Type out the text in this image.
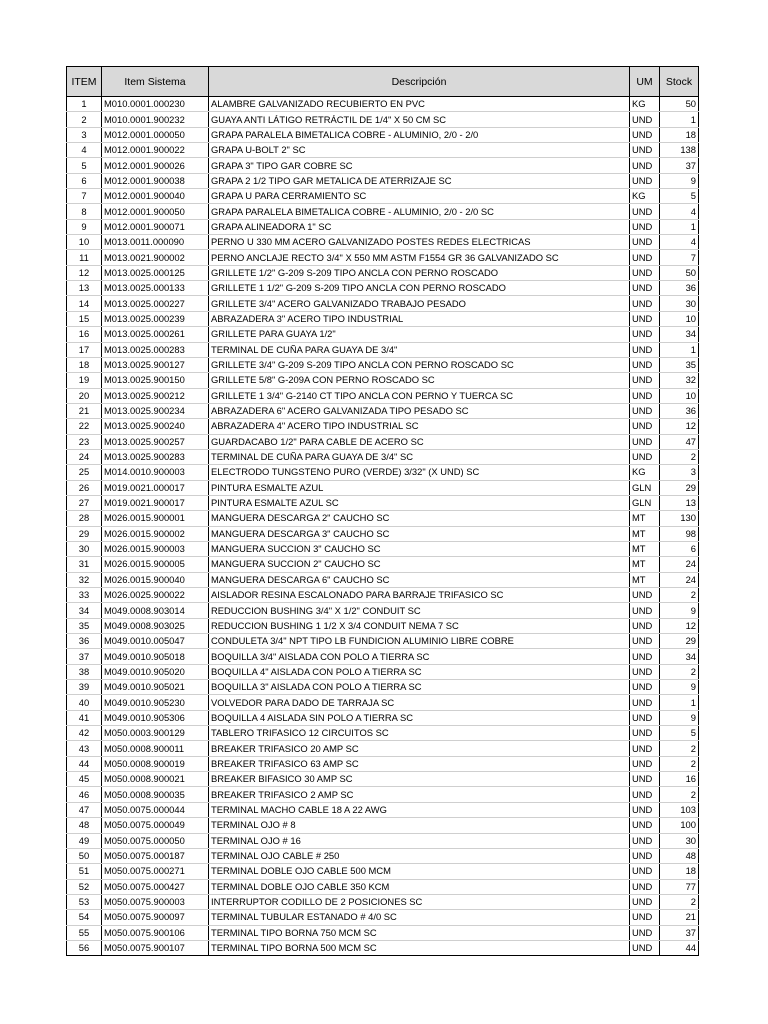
ITEM	Item Sistema	Descripción	UM	Stock
1	M010.0001.000230	ALAMBRE GALVANIZADO RECUBIERTO EN PVC	KG	50
2	M010.0001.900232	GUAYA ANTI LÁTIGO RETRÁCTIL DE 1/4" X 50 CM SC	UND	1
3	M012.0001.000050	GRAPA PARALELA BIMETALICA COBRE - ALUMINIO, 2/0 - 2/0	UND	18
4	M012.0001.900022	GRAPA U-BOLT 2" SC	UND	138
5	M012.0001.900026	GRAPA 3" TIPO GAR COBRE SC	UND	37
6	M012.0001.900038	GRAPA 2 1/2 TIPO GAR METALICA DE ATERRIZAJE SC	UND	9
7	M012.0001.900040	GRAPA U PARA CERRAMIENTO SC	KG	5
8	M012.0001.900050	GRAPA PARALELA BIMETALICA COBRE - ALUMINIO, 2/0 - 2/0 SC	UND	4
9	M012.0001.900071	GRAPA ALINEADORA 1" SC	UND	1
10	M013.0011.000090	PERNO U 330 MM ACERO GALVANIZADO POSTES REDES ELECTRICAS	UND	4
11	M013.0021.900002	PERNO ANCLAJE RECTO 3/4" X 550 MM ASTM F1554 GR 36 GALVANIZADO SC	UND	7
12	M013.0025.000125	GRILLETE 1/2" G-209 S-209 TIPO ANCLA CON PERNO ROSCADO	UND	50
13	M013.0025.000133	GRILLETE 1 1/2" G-209 S-209 TIPO ANCLA CON PERNO ROSCADO	UND	36
14	M013.0025.000227	GRILLETE 3/4" ACERO GALVANIZADO TRABAJO PESADO	UND	30
15	M013.0025.000239	ABRAZADERA 3" ACERO TIPO INDUSTRIAL	UND	10
16	M013.0025.000261	GRILLETE PARA GUAYA 1/2"	UND	34
17	M013.0025.000283	TERMINAL DE CUÑA PARA GUAYA DE 3/4"	UND	1
18	M013.0025.900127	GRILLETE 3/4" G-209 S-209 TIPO ANCLA CON PERNO ROSCADO SC	UND	35
19	M013.0025.900150	GRILLETE 5/8" G-209A CON PERNO ROSCADO SC	UND	32
20	M013.0025.900212	GRILLETE 1 3/4" G-2140 CT TIPO ANCLA CON PERNO Y TUERCA SC	UND	10
21	M013.0025.900234	ABRAZADERA 6" ACERO GALVANIZADA TIPO PESADO SC	UND	36
22	M013.0025.900240	ABRAZADERA 4" ACERO TIPO INDUSTRIAL SC	UND	12
23	M013.0025.900257	GUARDACABO 1/2" PARA CABLE DE ACERO SC	UND	47
24	M013.0025.900283	TERMINAL DE CUÑA PARA GUAYA DE 3/4" SC	UND	2
25	M014.0010.900003	ELECTRODO TUNGSTENO PURO (VERDE) 3/32" (X UND) SC	KG	3
26	M019.0021.000017	PINTURA ESMALTE AZUL	GLN	29
27	M019.0021.900017	PINTURA ESMALTE AZUL SC	GLN	13
28	M026.0015.900001	MANGUERA DESCARGA 2" CAUCHO SC	MT	130
29	M026.0015.900002	MANGUERA DESCARGA 3" CAUCHO SC	MT	98
30	M026.0015.900003	MANGUERA SUCCION 3" CAUCHO SC	MT	6
31	M026.0015.900005	MANGUERA SUCCION 2" CAUCHO SC	MT	24
32	M026.0015.900040	MANGUERA DESCARGA 6" CAUCHO SC	MT	24
33	M026.0025.900022	AISLADOR RESINA ESCALONADO PARA BARRAJE TRIFASICO SC	UND	2
34	M049.0008.903014	REDUCCION BUSHING 3/4" X 1/2" CONDUIT SC	UND	9
35	M049.0008.903025	REDUCCION BUSHING 1 1/2 X 3/4 CONDUIT NEMA 7 SC	UND	12
36	M049.0010.005047	CONDULETA 3/4" NPT TIPO LB FUNDICION ALUMINIO LIBRE COBRE	UND	29
37	M049.0010.905018	BOQUILLA 3/4" AISLADA CON POLO A TIERRA SC	UND	34
38	M049.0010.905020	BOQUILLA 4" AISLADA CON POLO A TIERRA SC	UND	2
39	M049.0010.905021	BOQUILLA 3" AISLADA CON POLO A TIERRA SC	UND	9
40	M049.0010.905230	VOLVEDOR PARA DADO DE TARRAJA SC	UND	1
41	M049.0010.905306	BOQUILLA 4 AISLADA SIN POLO A TIERRA SC	UND	9
42	M050.0003.900129	TABLERO TRIFASICO 12 CIRCUITOS SC	UND	5
43	M050.0008.900011	BREAKER TRIFASICO 20 AMP SC	UND	2
44	M050.0008.900019	BREAKER TRIFASICO 63 AMP SC	UND	2
45	M050.0008.900021	BREAKER BIFASICO 30 AMP SC	UND	16
46	M050.0008.900035	BREAKER TRIFASICO 2 AMP SC	UND	2
47	M050.0075.000044	TERMINAL MACHO CABLE 18 A 22 AWG	UND	103
48	M050.0075.000049	TERMINAL OJO # 8	UND	100
49	M050.0075.000050	TERMINAL OJO # 16	UND	30
50	M050.0075.000187	TERMINAL OJO CABLE # 250	UND	48
51	M050.0075.000271	TERMINAL DOBLE OJO CABLE 500 MCM	UND	18
52	M050.0075.000427	TERMINAL DOBLE OJO CABLE 350 KCM	UND	77
53	M050.0075.900003	INTERRUPTOR CODILLO DE 2 POSICIONES SC	UND	2
54	M050.0075.900097	TERMINAL TUBULAR ESTANADO # 4/0 SC	UND	21
55	M050.0075.900106	TERMINAL TIPO BORNA 750 MCM SC	UND	37
56	M050.0075.900107	TERMINAL TIPO BORNA 500 MCM SC	UND	44
